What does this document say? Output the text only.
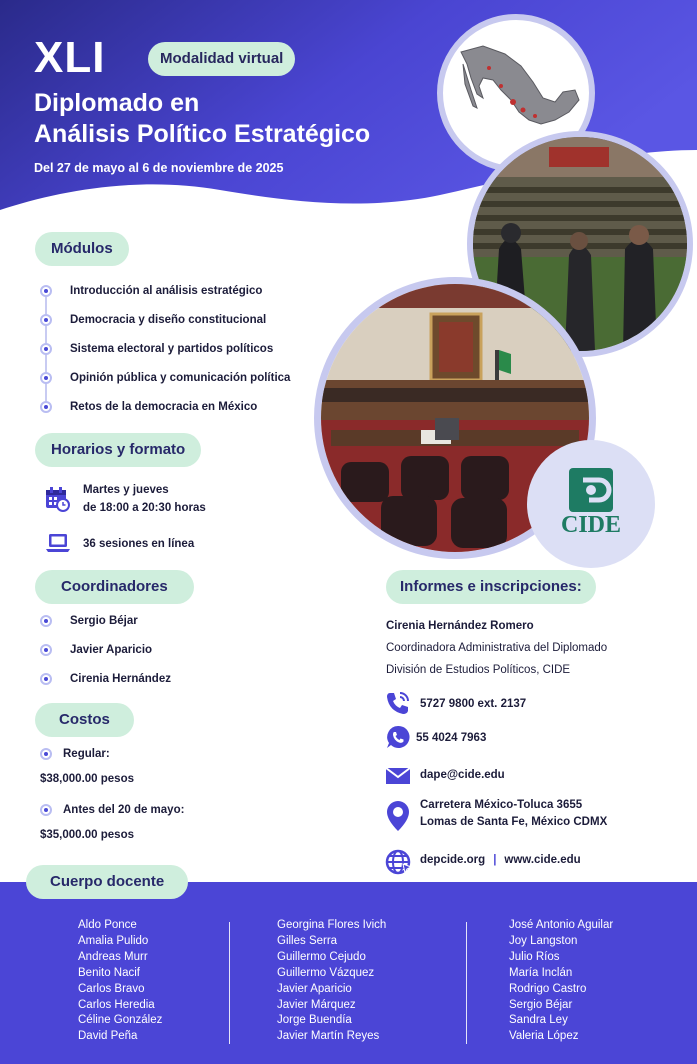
XLI	Modalidad virtual
Diplomado en
Análisis Político Estratégico
Del 27 de mayo al 6 de noviembre de 2025
CIDE
Módulos
Introducción al análisis estratégico
Democracia y diseño constitucional
Sistema electoral y partidos políticos
Opinión pública y comunicación política
Retos de la democracia en México
Horarios y formato
Martes y jueves
de 18:00 a 20:30 horas
36 sesiones en línea
Coordinadores
Sergio Béjar
Javier Aparicio
Cirenia Hernández
Costos
Regular:
$38,000.00 pesos
Antes del 20 de mayo:
$35,000.00 pesos
Informes e inscripciones:
Cirenia Hernández Romero
Coordinadora Administrativa del Diplomado
División de Estudios Políticos, CIDE
5727 9800 ext. 2137
55 4024 7963
dape@cide.edu
Carretera México-Toluca 3655
Lomas de Santa Fe, México CDMX
depcide.org | www.cide.edu
Cuerpo docente
Aldo Ponce
Amalia Pulido
Andreas Murr
Benito Nacif
Carlos Bravo
Carlos Heredia
Céline González
David Peña
Georgina Flores Ivich
Gilles Serra
Guillermo Cejudo
Guillermo Vázquez
Javier Aparicio
Javier Márquez
Jorge Buendía
Javier Martín Reyes
José Antonio Aguilar
Joy Langston
Julio Ríos
María Inclán
Rodrigo Castro
Sergio Béjar
Sandra Ley
Valeria López
